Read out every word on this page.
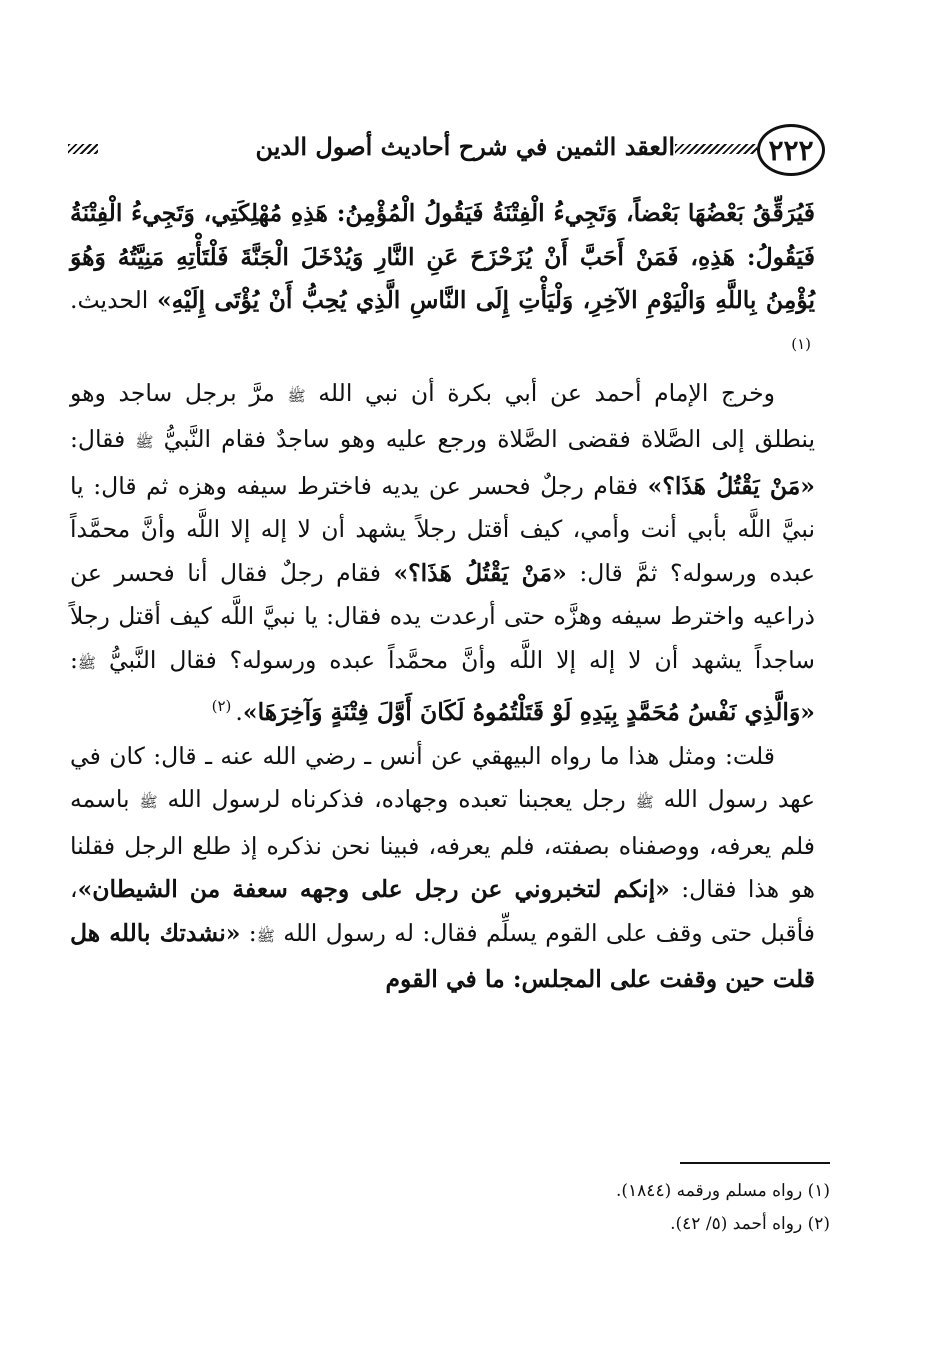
٢٢٢
العقد الثمين في شرح أحاديث أصول الدين

فَيُرَقِّقُ بَعْضُهَا بَعْضاً، وَتَجِيءُ الْفِتْنَةُ فَيَقُولُ الْمُؤْمِنُ: هَذِهِ مُهْلِكَتِي، وَتَجِيءُ الْفِتْنَةُ فَيَقُولُ: هَذِهِ، فَمَنْ أَحَبَّ أَنْ يُزَحْزَحَ عَنِ النَّارِ وَيُدْخَلَ الْجَنَّةَ فَلْتَأْتِهِ مَنِيَّتُهُ وَهُوَ يُؤْمِنُ بِاللَّهِ وَالْيَوْمِ الآخِرِ، وَلْيَأْتِ إِلَى النَّاسِ الَّذِي يُحِبُّ أَنْ يُؤْتَى إِلَيْهِ» الحديث.$^{(١)}$

وخرج الإمام أحمد عن أبي بكرة أن نبي الله ﷺ مرَّ برجل ساجد وهو ينطلق إلى الصَّلاة فقضى الصَّلاة ورجع عليه وهو ساجدٌ فقام النَّبيُّ ﷺ فقال: «مَنْ يَقْتُلُ هَذَا؟» فقام رجلٌ فحسر عن يديه فاخترط سيفه وهزه ثم قال: يا نبيَّ اللَّه بأبي أنت وأمي، كيف أقتل رجلاً يشهد أن لا إله إلا اللَّه وأنَّ محمَّداً عبده ورسوله؟ ثمَّ قال: «مَنْ يَقْتُلُ هَذَا؟» فقام رجلٌ فقال أنا فحسر عن ذراعيه واخترط سيفه وهزَّه حتى أرعدت يده فقال: يا نبيَّ اللَّه كيف أقتل رجلاً ساجداً يشهد أن لا إله إلا اللَّه وأنَّ محمَّداً عبده ورسوله؟ فقال النَّبيُّ ﷺ: «وَالَّذِي نَفْسُ مُحَمَّدٍ بِيَدِهِ لَوْ قَتَلْتُمُوهُ لَكَانَ أَوَّلَ فِتْنَةٍ وَآخِرَهَا».$^{(٢)}$

قلت: ومثل هذا ما رواه البيهقي عن أنس ـ رضي الله عنه ـ قال: كان في عهد رسول الله ﷺ رجل يعجبنا تعبده وجهاده، فذكرناه لرسول الله ﷺ باسمه فلم يعرفه، ووصفناه بصفته، فلم يعرفه، فبينا نحن نذكره إذ طلع الرجل فقلنا هو هذا فقال: «إنكم لتخبروني عن رجل على وجهه سعفة من الشيطان»، فأقبل حتى وقف على القوم يسلِّم فقال: له رسول الله ﷺ: «نشدتك بالله هل قلت حين وقفت على المجلس: ما في القوم

(١) رواه مسلم ورقمه (١٨٤٤).
(٢) رواه أحمد (٥/ ٤٢).
